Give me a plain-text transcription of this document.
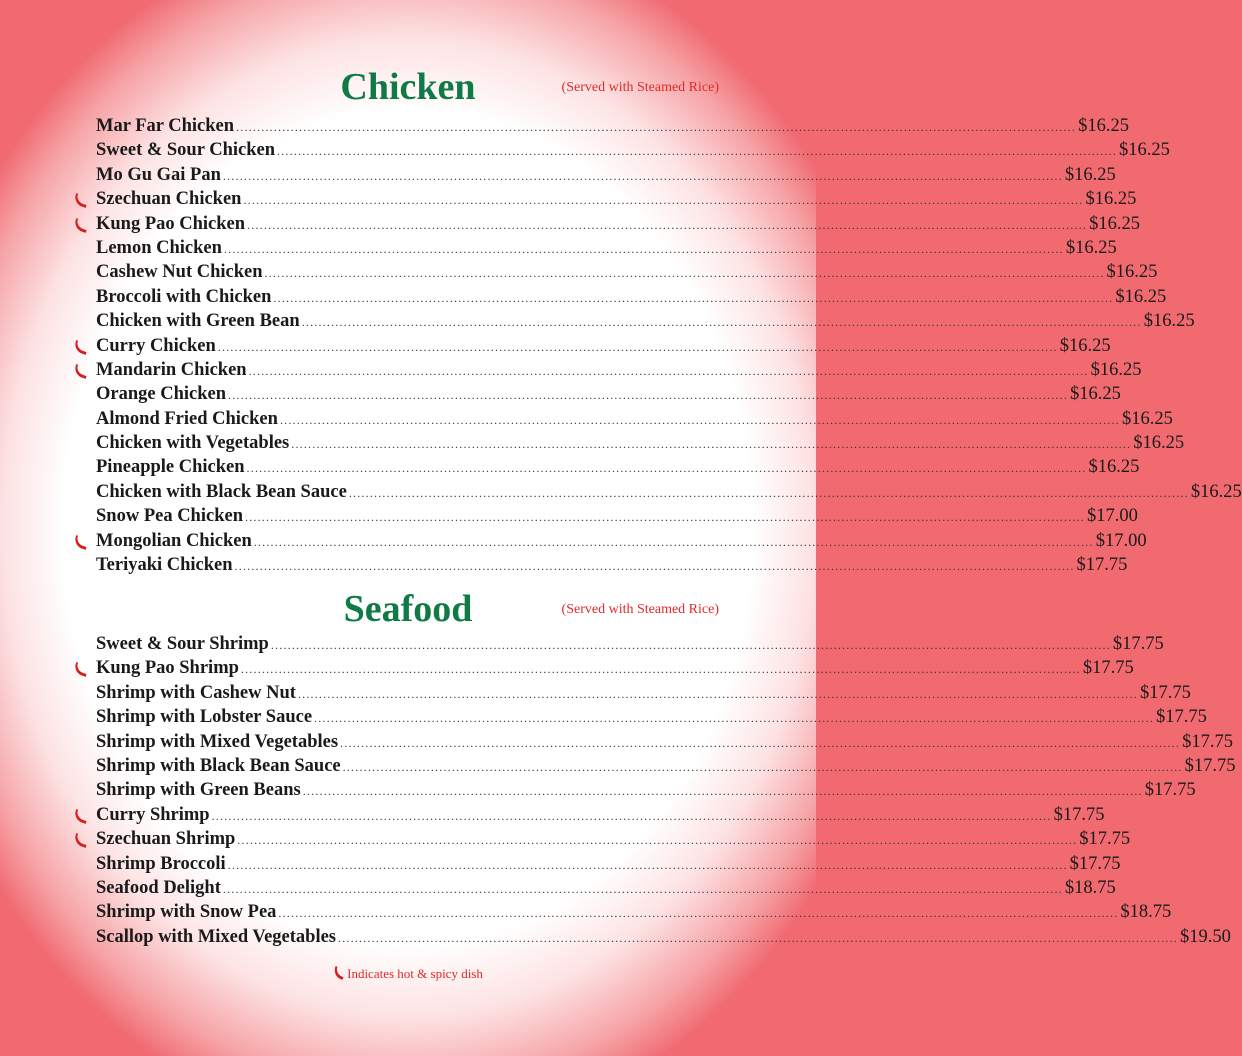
Chicken	(Served with Steamed Rice)
Mar Far Chicken ........................................................................................................................................................................................................ $16.25
Sweet & Sour Chicken ........................................................................................................................................................................................................ $16.25
Mo Gu Gai Pan ........................................................................................................................................................................................................ $16.25
Szechuan Chicken ........................................................................................................................................................................................................ $16.25
Kung Pao Chicken ........................................................................................................................................................................................................ $16.25
Lemon Chicken ........................................................................................................................................................................................................ $16.25
Cashew Nut Chicken ........................................................................................................................................................................................................ $16.25
Broccoli with Chicken ........................................................................................................................................................................................................ $16.25
Chicken with Green Bean ........................................................................................................................................................................................................ $16.25
Curry Chicken ........................................................................................................................................................................................................ $16.25
Mandarin Chicken ........................................................................................................................................................................................................ $16.25
Orange Chicken ........................................................................................................................................................................................................ $16.25
Almond Fried Chicken ........................................................................................................................................................................................................ $16.25
Chicken with Vegetables ........................................................................................................................................................................................................ $16.25
Pineapple Chicken ........................................................................................................................................................................................................ $16.25
Chicken with Black Bean Sauce ........................................................................................................................................................................................................ $16.25
Snow Pea Chicken ........................................................................................................................................................................................................ $17.00
Mongolian Chicken ........................................................................................................................................................................................................ $17.00
Teriyaki Chicken ........................................................................................................................................................................................................ $17.75
Seafood	(Served with Steamed Rice)
Sweet & Sour Shrimp ........................................................................................................................................................................................................ $17.75
Kung Pao Shrimp ........................................................................................................................................................................................................ $17.75
Shrimp with Cashew Nut ........................................................................................................................................................................................................ $17.75
Shrimp with Lobster Sauce ........................................................................................................................................................................................................ $17.75
Shrimp with Mixed Vegetables ........................................................................................................................................................................................................ $17.75
Shrimp with Black Bean Sauce ........................................................................................................................................................................................................ $17.75
Shrimp with Green Beans ........................................................................................................................................................................................................ $17.75
Curry Shrimp ........................................................................................................................................................................................................ $17.75
Szechuan Shrimp ........................................................................................................................................................................................................ $17.75
Shrimp Broccoli ........................................................................................................................................................................................................ $17.75
Seafood Delight ........................................................................................................................................................................................................ $18.75
Shrimp with Snow Pea ........................................................................................................................................................................................................ $18.75
Scallop with Mixed Vegetables ........................................................................................................................................................................................................ $19.50
Indicates hot & spicy dish
